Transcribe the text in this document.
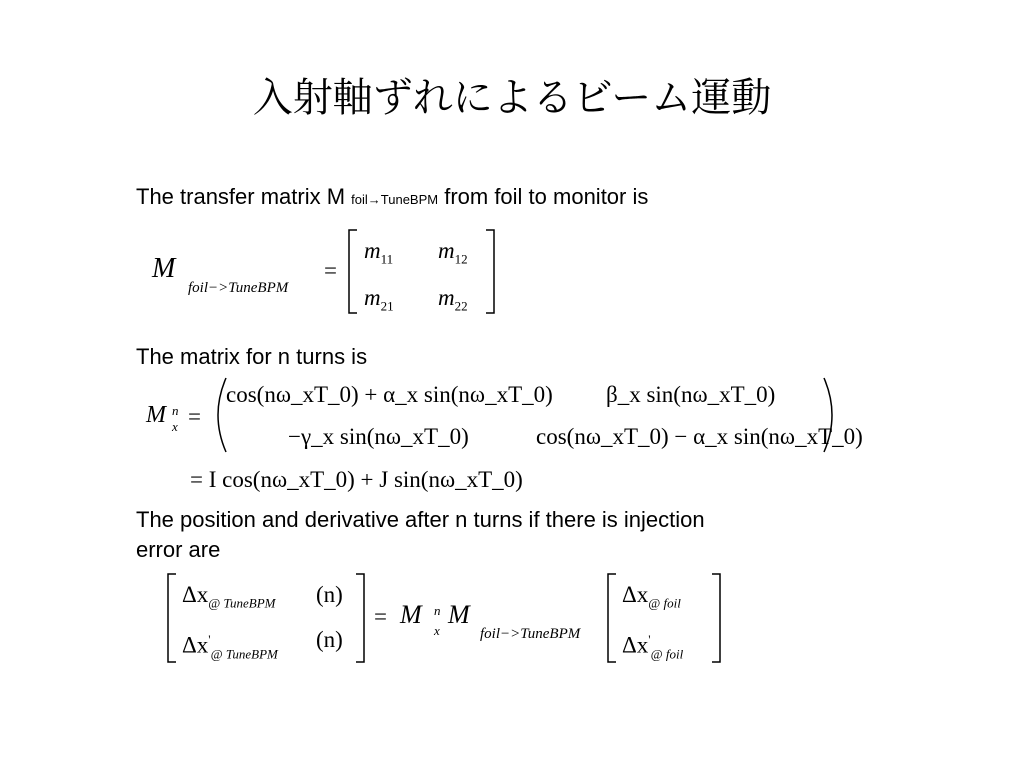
入射軸ずれによるビーム運動
The transfer matrix M foil→TuneBPM from foil to monitor is
The matrix for n turns is
The position and derivative after n turns if there is injection
error are
M
foil−>TuneBPM
=
$m_{11}$ $m_{12}$
$m_{21}$ $m_{22}$
M n
x =
cos(nω_xT_0) + α_x sin(nω_xT_0) β_x sin(nω_xT_0)
−γ_x sin(nω_xT_0)	cos(nω_xT_0) − α_x sin(nω_xT_0)
= I cos(nω_xT_0) + J sin(nω_xT_0)
$\Delta x_{@ TuneBPM}$ (n)
$\Delta x'_{@ TuneBPM}$
(n)
= M n
x
M
foil−>TuneBPM
$\Delta x_{@ foil}$
$\Delta x'_{@ foil}$
